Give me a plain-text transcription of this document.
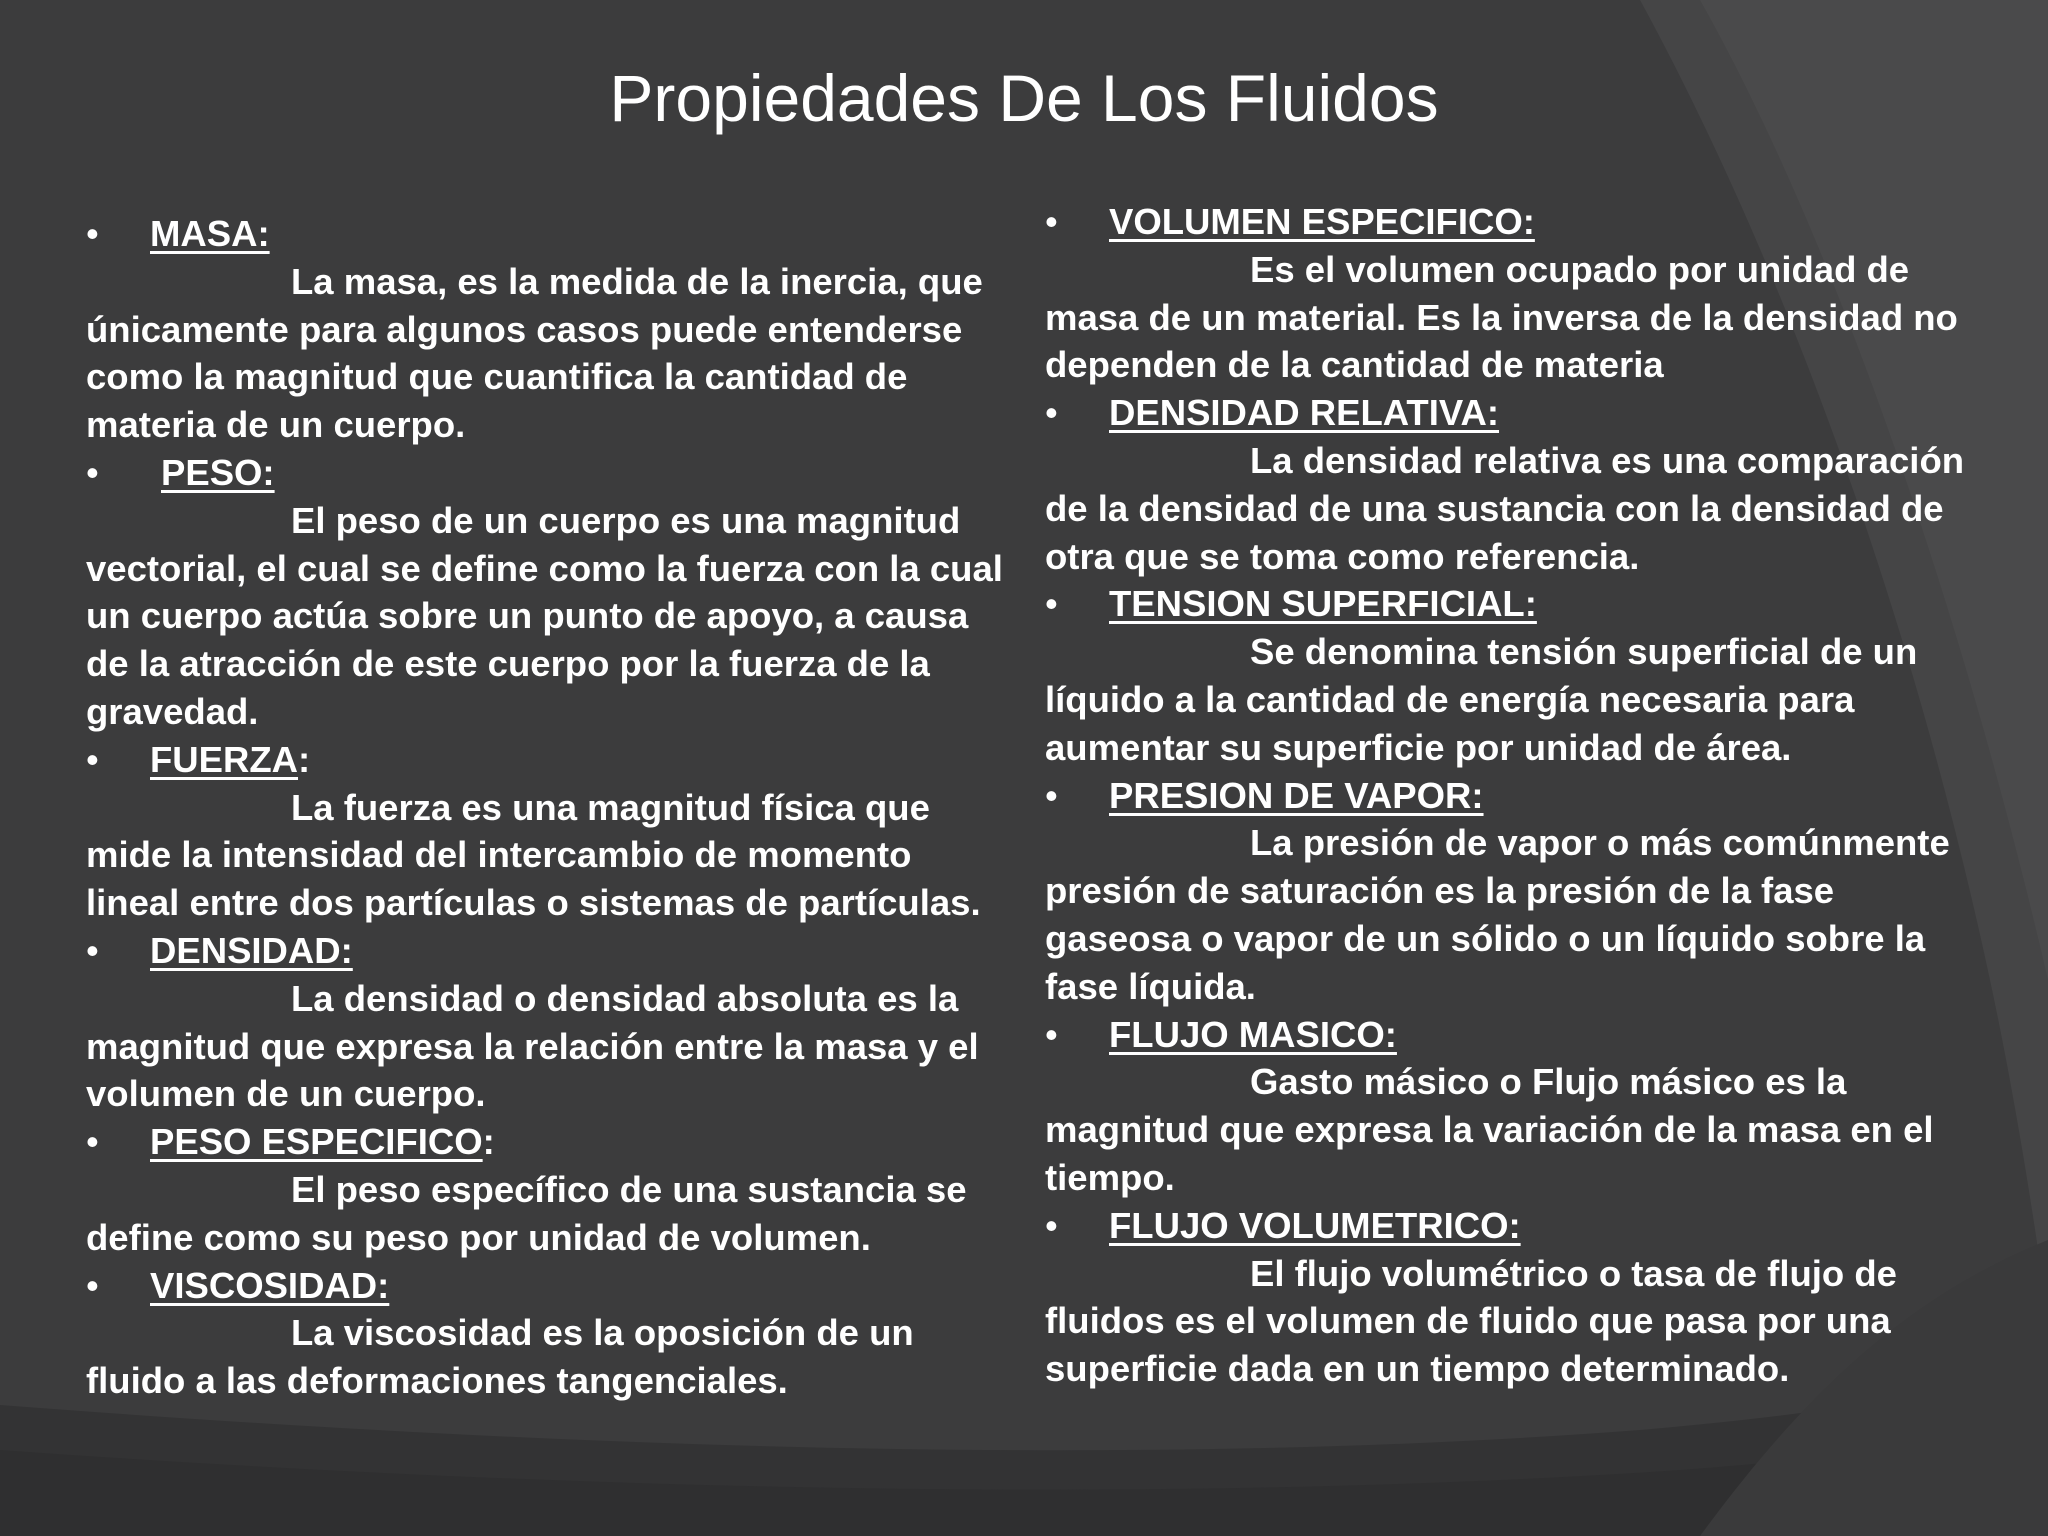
Propiedades De Los Fluidos
• MASA:

La masa, es la medida de la inercia, que únicamente para algunos casos puede entenderse como la magnitud que cuantifica la cantidad de materia de un cuerpo.

• PESO:

El peso de un cuerpo es una magnitud vectorial, el cual se define como la fuerza con la cual un cuerpo actúa sobre un punto de apoyo, a causa de la atracción de este cuerpo por la fuerza de la gravedad.

• FUERZA:

La fuerza es una magnitud física que mide la intensidad del intercambio de momento lineal entre dos partículas o sistemas de partículas.

• DENSIDAD:

La densidad o densidad absoluta es la magnitud que expresa la relación entre la masa y el volumen de un cuerpo.

• PESO ESPECIFICO:

El peso específico de una sustancia se define como su peso por unidad de volumen.

• VISCOSIDAD:

La viscosidad es la oposición de un fluido a las deformaciones tangenciales.

• VOLUMEN ESPECIFICO:

Es el volumen ocupado por unidad de masa de un material. Es la inversa de la densidad no dependen de la cantidad de materia

• DENSIDAD RELATIVA:

La densidad relativa es una comparación de la densidad de una sustancia con la densidad de otra que se toma como referencia.

• TENSION SUPERFICIAL:

Se denomina tensión superficial de un líquido a la cantidad de energía necesaria para aumentar su superficie por unidad de área.

• PRESION DE VAPOR:

La presión de vapor o más comúnmente presión de saturación es la presión de la fase gaseosa o vapor de un sólido o un líquido sobre la fase líquida.

• FLUJO MASICO:

Gasto másico o Flujo másico es la magnitud que expresa la variación de la masa en el tiempo.

• FLUJO VOLUMETRICO:

El flujo volumétrico o tasa de flujo de fluidos es el volumen de fluido que pasa por una superficie dada en un tiempo determinado.
